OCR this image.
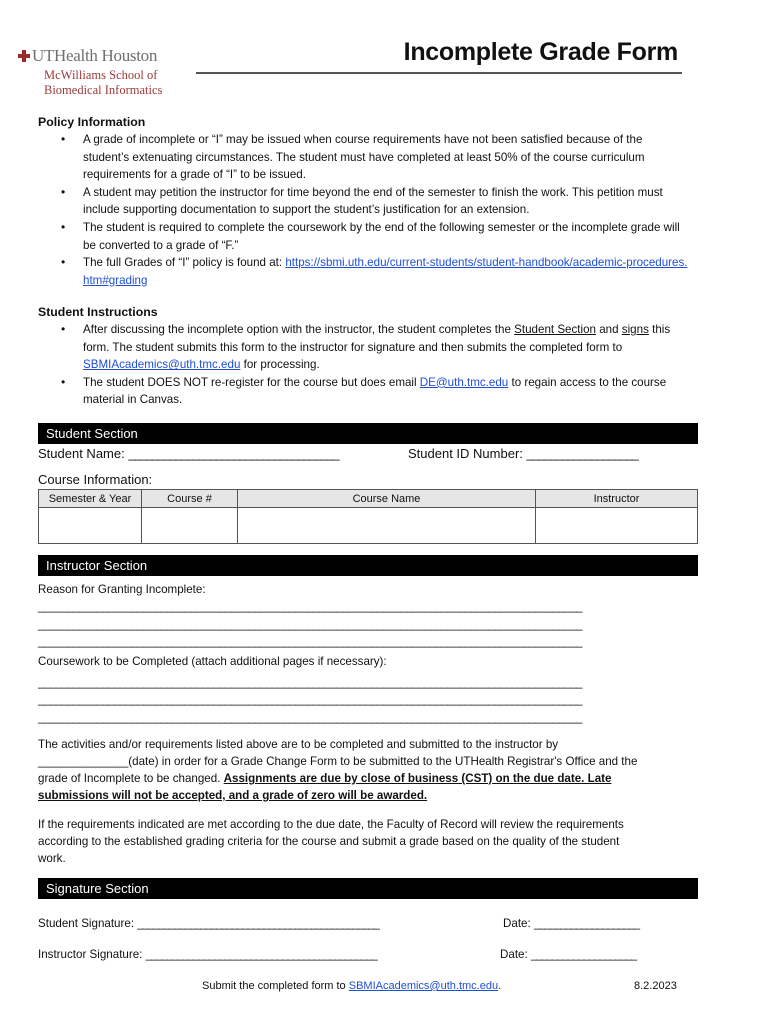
UTHealth Houston
McWilliams School of
Biomedical Informatics
Incomplete Grade Form
Policy Information
• A grade of incomplete or “I” may be issued when course requirements have not been satisfied because of the student’s extenuating circumstances. The student must have completed at least 50% of the course curriculum requirements for a grade of “I” to be issued.
• A student may petition the instructor for time beyond the end of the semester to finish the work. This petition must include supporting documentation to support the student’s justification for an extension.
• The student is required to complete the coursework by the end of the following semester or the incomplete grade will be converted to a grade of “F.”
• The full Grades of “I” policy is found at: https://sbmi.uth.edu/current-students/student-handbook/academic-procedures.htm#grading
Student Instructions
• After discussing the incomplete option with the instructor, the student completes the Student Section and signs this form. The student submits this form to the instructor for signature and then submits the completed form to SBMIAcademics@uth.tmc.edu for processing.
• The student DOES NOT re-register for the course but does email DE@uth.tmc.edu to regain access to the course material in Canvas.
Student Section
Student Name: ____________________________________	Student ID Number: ___________________
Course Information:
Semester & Year	Course #	Course Name	Instructor

Instructor Section
Reason for Granting Incomplete:
_____________________________________________________________________________________________
_____________________________________________________________________________________________
_____________________________________________________________________________________________
Coursework to be Completed (attach additional pages if necessary):
_____________________________________________________________________________________________
_____________________________________________________________________________________________
_____________________________________________________________________________________________

The activities and/or requirements listed above are to be completed and submitted to the instructor by ______________(date) in order for a Grade Change Form to be submitted to the UTHealth Registrar's Office and the grade of Incomplete to be changed. Assignments are due by close of business (CST) on the due date. Late submissions will not be accepted, and a grade of zero will be awarded.

If the requirements indicated are met according to the due date, the Faculty of Record will review the requirements according to the established grading criteria for the course and submit a grade based on the quality of the student work.

Signature Section
Student Signature: ______________________________________________	Date: ____________________
Instructor Signature: ____________________________________________	Date: ____________________
Submit the completed form to SBMIAcademics@uth.tmc.edu.	8.2.2023
